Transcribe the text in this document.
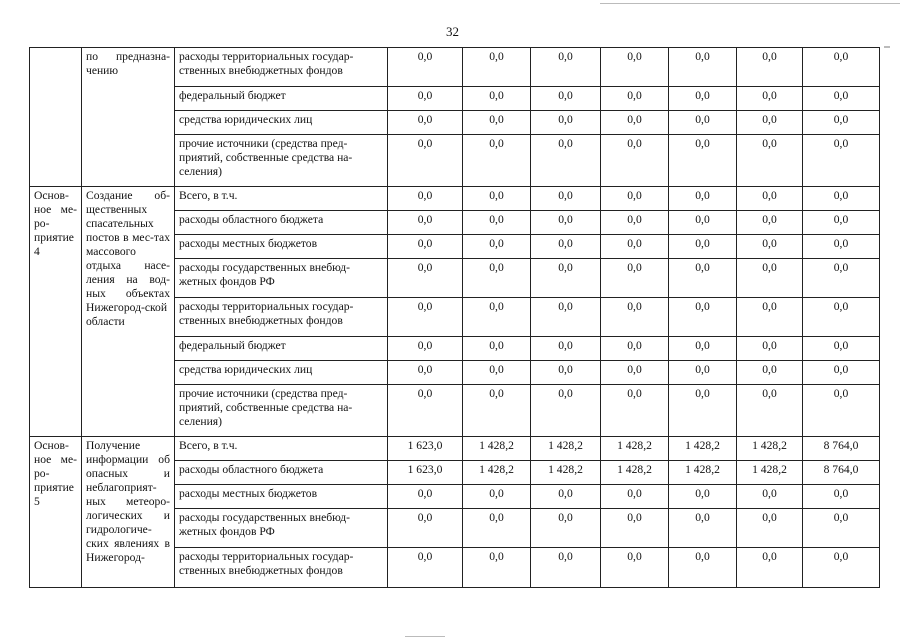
32
	по предназна-чению	расходы территориальных государ-ственных внебюджетных фондов	0,0	0,0	0,0	0,0	0,0	0,0	0,0
		федеральный бюджет	0,0	0,0	0,0	0,0	0,0	0,0	0,0
		средства юридических лиц	0,0	0,0	0,0	0,0	0,0	0,0	0,0
		прочие источники (средства пред-приятий, собственные средства на-селения)	0,0	0,0	0,0	0,0	0,0	0,0	0,0
Основ-ное ме-ро-приятие 4	Создание об-щественных спасательных постов в мес-тах массового отдыха насе-ления на вод-ных объектах Нижегород-ской области	Всего, в т.ч.	0,0	0,0	0,0	0,0	0,0	0,0	0,0
		расходы областного бюджета	0,0	0,0	0,0	0,0	0,0	0,0	0,0
		расходы местных бюджетов	0,0	0,0	0,0	0,0	0,0	0,0	0,0
		расходы государственных внебюд-жетных фондов РФ	0,0	0,0	0,0	0,0	0,0	0,0	0,0
		расходы территориальных государ-ственных внебюджетных фондов	0,0	0,0	0,0	0,0	0,0	0,0	0,0
		федеральный бюджет	0,0	0,0	0,0	0,0	0,0	0,0	0,0
		средства юридических лиц	0,0	0,0	0,0	0,0	0,0	0,0	0,0
		прочие источники (средства пред-приятий, собственные средства на-селения)	0,0	0,0	0,0	0,0	0,0	0,0	0,0
Основ-ное ме-ро-приятие 5	Получение информации об опасных и неблагоприят-ных метеоро-логических и гидрологиче-ских явлениях в Нижегород-	Всего, в т.ч.	1 623,0	1 428,2	1 428,2	1 428,2	1 428,2	1 428,2	8 764,0
		расходы областного бюджета	1 623,0	1 428,2	1 428,2	1 428,2	1 428,2	1 428,2	8 764,0
		расходы местных бюджетов	0,0	0,0	0,0	0,0	0,0	0,0	0,0
		расходы государственных внебюд-жетных фондов РФ	0,0	0,0	0,0	0,0	0,0	0,0	0,0
		расходы территориальных государ-ственных внебюджетных фондов	0,0	0,0	0,0	0,0	0,0	0,0	0,0
